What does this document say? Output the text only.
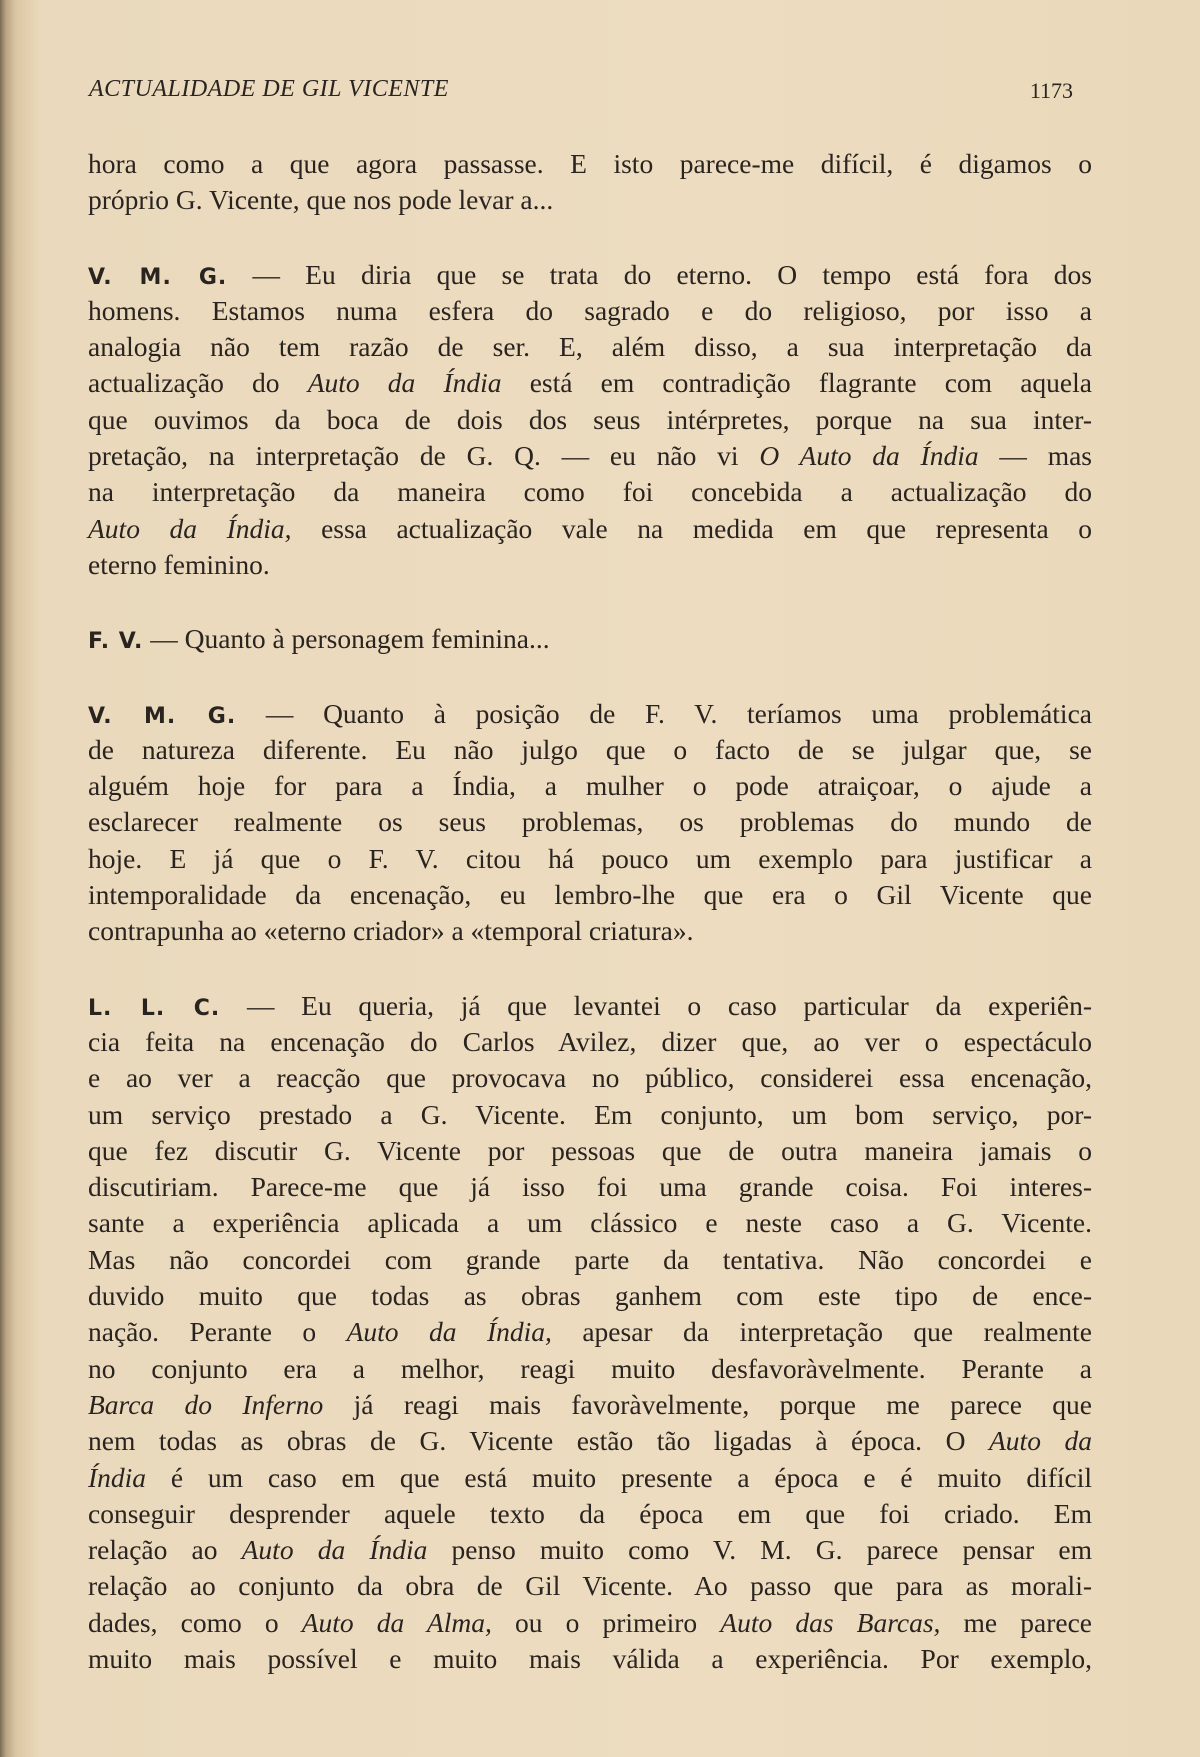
ACTUALIDADE DE GIL VICENTE	1173
hora como a que agora passasse. E isto parece-me difícil, é digamos o
próprio G. Vicente, que nos pode levar a...
V. M. G. — Eu diria que se trata do eterno. O tempo está fora dos
homens. Estamos numa esfera do sagrado e do religioso, por isso a
analogia não tem razão de ser. E, além disso, a sua interpretação da
actualização do Auto da Índia está em contradição flagrante com aquela
que ouvimos da boca de dois dos seus intérpretes, porque na sua inter-
pretação, na interpretação de G. Q. — eu não vi O Auto da Índia — mas
na interpretação da maneira como foi concebida a actualização do
Auto da Índia, essa actualização vale na medida em que representa o
eterno feminino.
F. V. — Quanto à personagem feminina...
V. M. G. — Quanto à posição de F. V. teríamos uma problemática
de natureza diferente. Eu não julgo que o facto de se julgar que, se
alguém hoje for para a Índia, a mulher o pode atraiçoar, o ajude a
esclarecer realmente os seus problemas, os problemas do mundo de
hoje. E já que o F. V. citou há pouco um exemplo para justificar a
intemporalidade da encenação, eu lembro-lhe que era o Gil Vicente que
contrapunha ao «eterno criador» a «temporal criatura».
L. L. C. — Eu queria, já que levantei o caso particular da experiên-
cia feita na encenação do Carlos Avilez, dizer que, ao ver o espectáculo
e ao ver a reacção que provocava no público, considerei essa encenação,
um serviço prestado a G. Vicente. Em conjunto, um bom serviço, por-
que fez discutir G. Vicente por pessoas que de outra maneira jamais o
discutiriam. Parece-me que já isso foi uma grande coisa. Foi interes-
sante a experiência aplicada a um clássico e neste caso a G. Vicente.
Mas não concordei com grande parte da tentativa. Não concordei e
duvido muito que todas as obras ganhem com este tipo de ence-
nação. Perante o Auto da Índia, apesar da interpretação que realmente
no conjunto era a melhor, reagi muito desfavoràvelmente. Perante a
Barca do Inferno já reagi mais favoràvelmente, porque me parece que
nem todas as obras de G. Vicente estão tão ligadas à época. O Auto da
Índia é um caso em que está muito presente a época e é muito difícil
conseguir desprender aquele texto da época em que foi criado. Em
relação ao Auto da Índia penso muito como V. M. G. parece pensar em
relação ao conjunto da obra de Gil Vicente. Ao passo que para as morali-
dades, como o Auto da Alma, ou o primeiro Auto das Barcas, me parece
muito mais possível e muito mais válida a experiência. Por exemplo,
